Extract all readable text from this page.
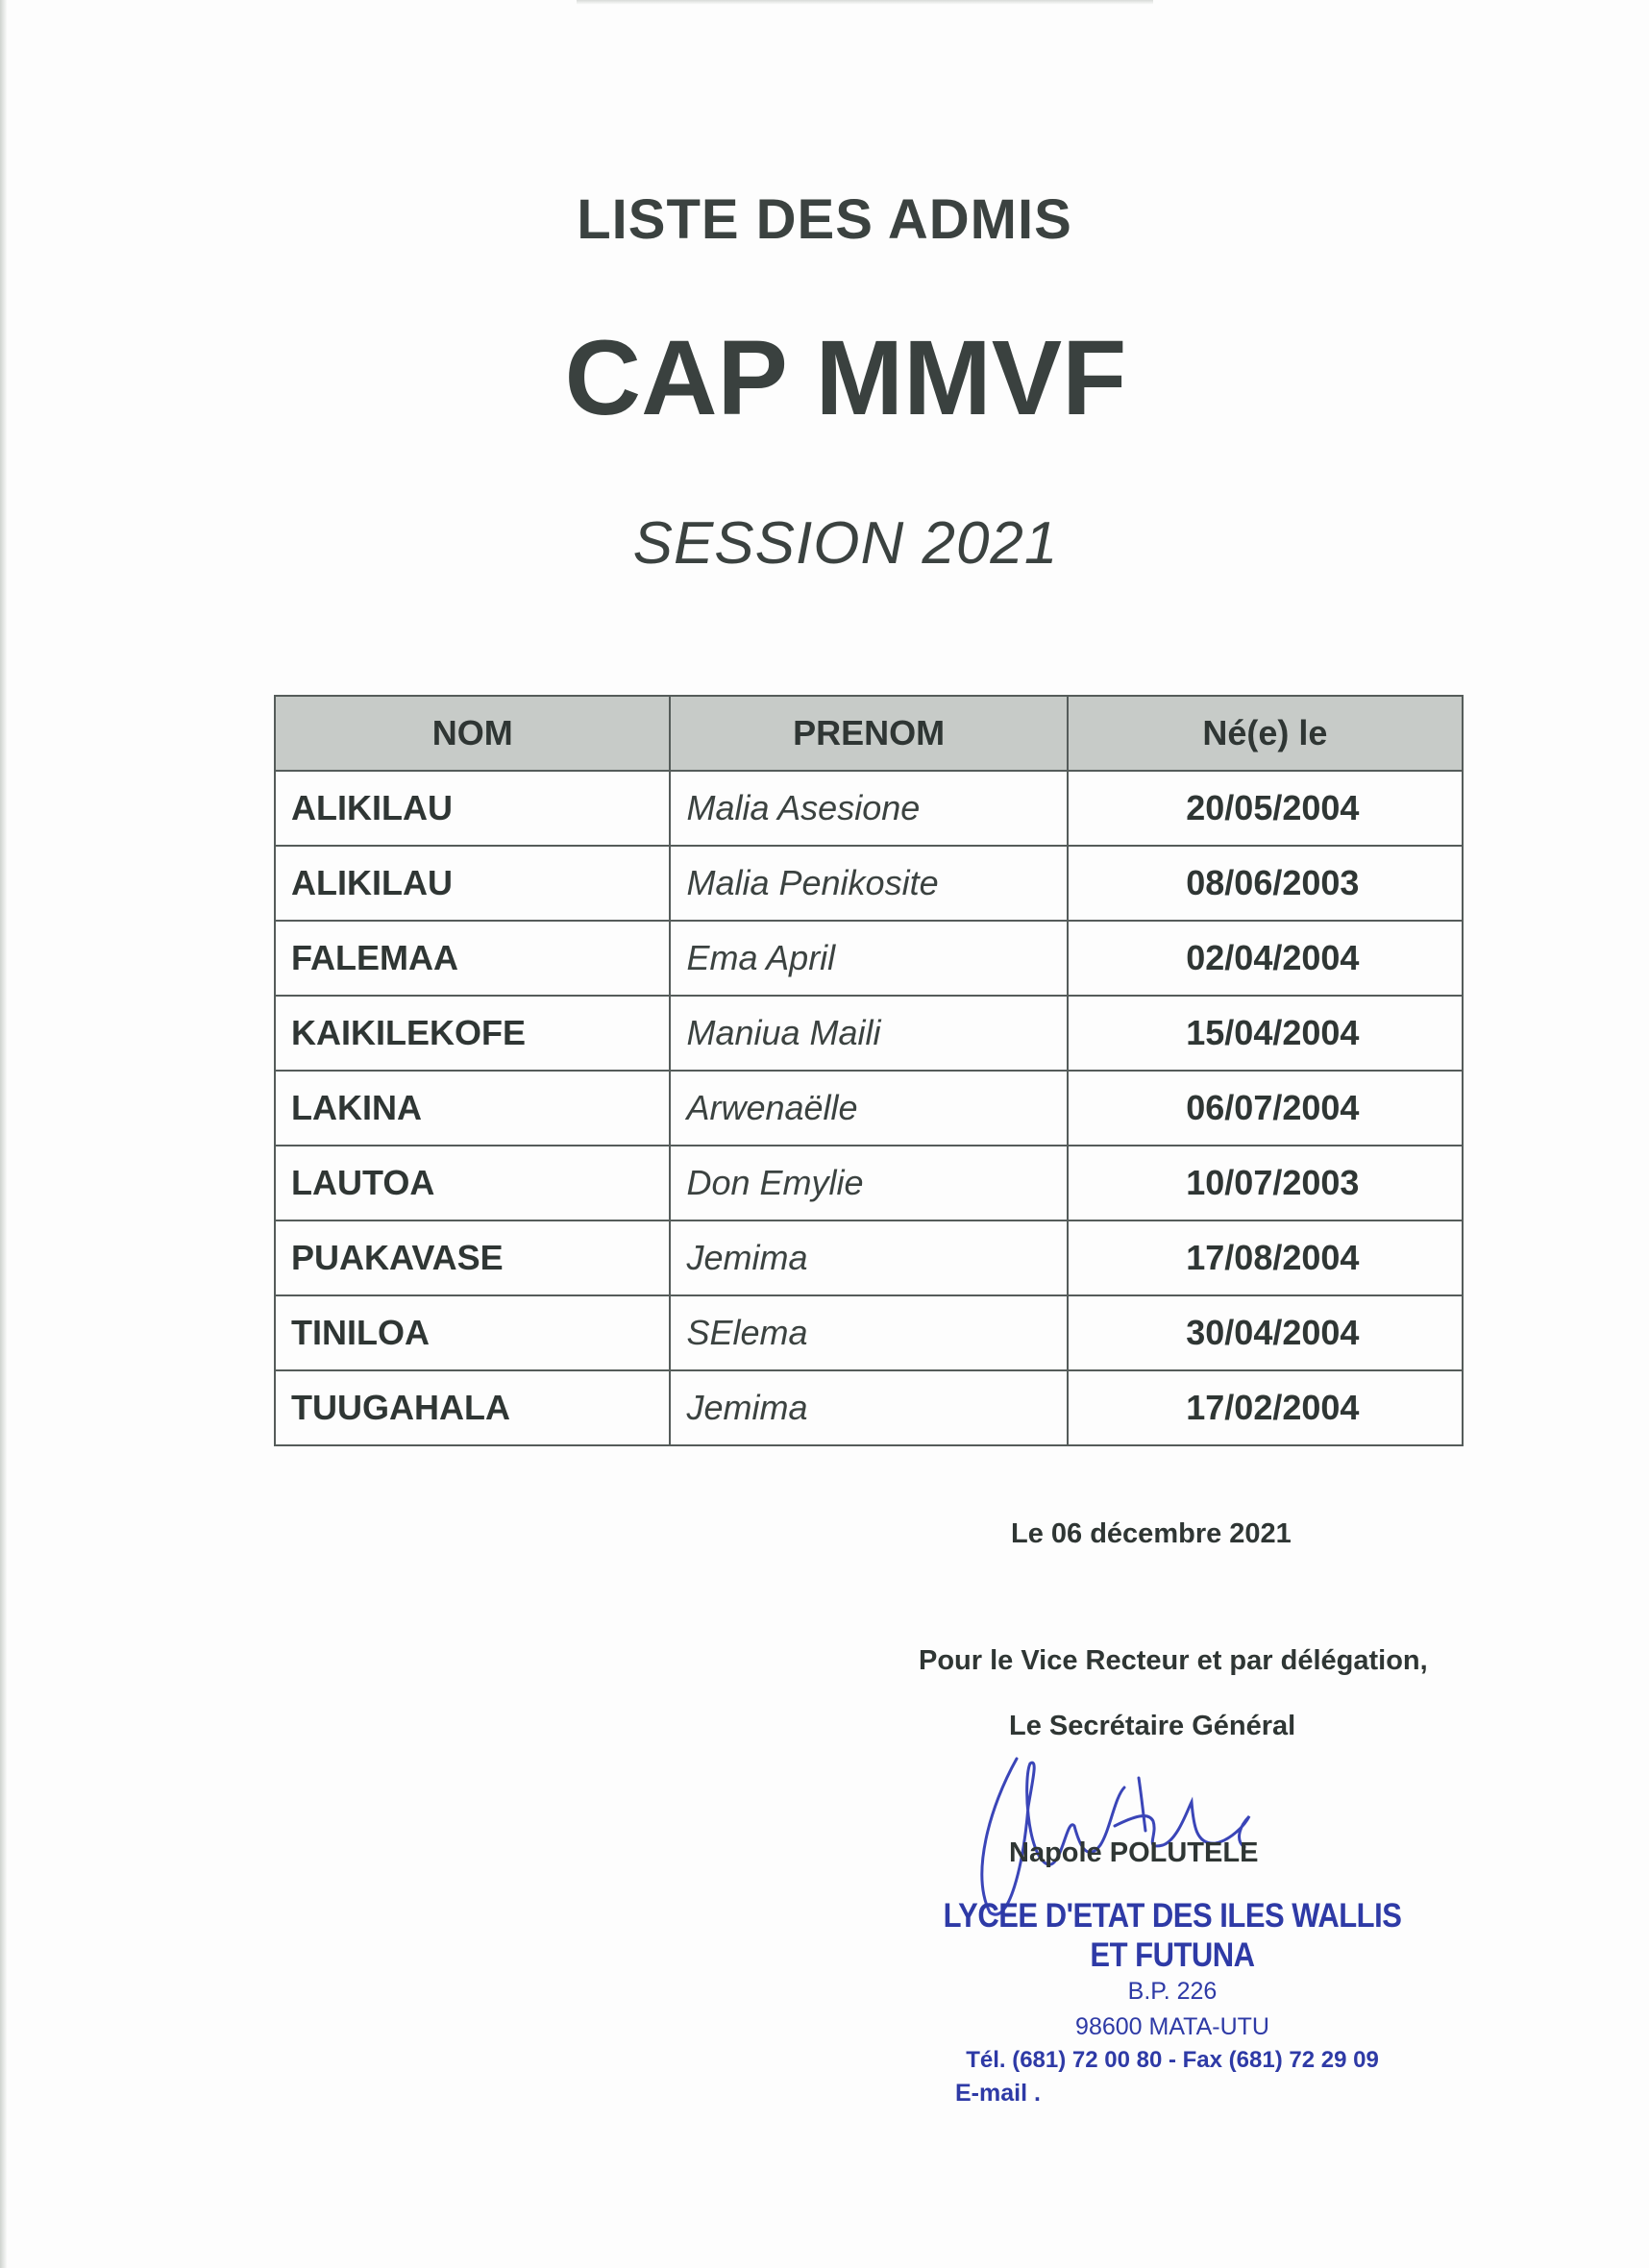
LISTE DES ADMIS
CAP MMVF
SESSION 2021
NOM	PRENOM	Né(e) le
ALIKILAU	Malia Asesione	20/05/2004
ALIKILAU	Malia Penikosite	08/06/2003
FALEMAA	Ema April	02/04/2004
KAIKILEKOFE	Maniua Maili	15/04/2004
LAKINA	Arwenaëlle	06/07/2004
LAUTOA	Don Emylie	10/07/2003
PUAKAVASE	Jemima	17/08/2004
TINILOA	SElema	30/04/2004
TUUGAHALA	Jemima	17/02/2004
Le 06 décembre 2021
Pour le Vice Recteur et par délégation,
Le Secrétaire Général
Napole POLUTELE
LYCEE D'ETAT DES ILES WALLIS ET FUTUNA
B.P. 226
98600 MATA-UTU
Tél. (681) 72 00 80 - Fax (681) 72 29 09
E-mail .
